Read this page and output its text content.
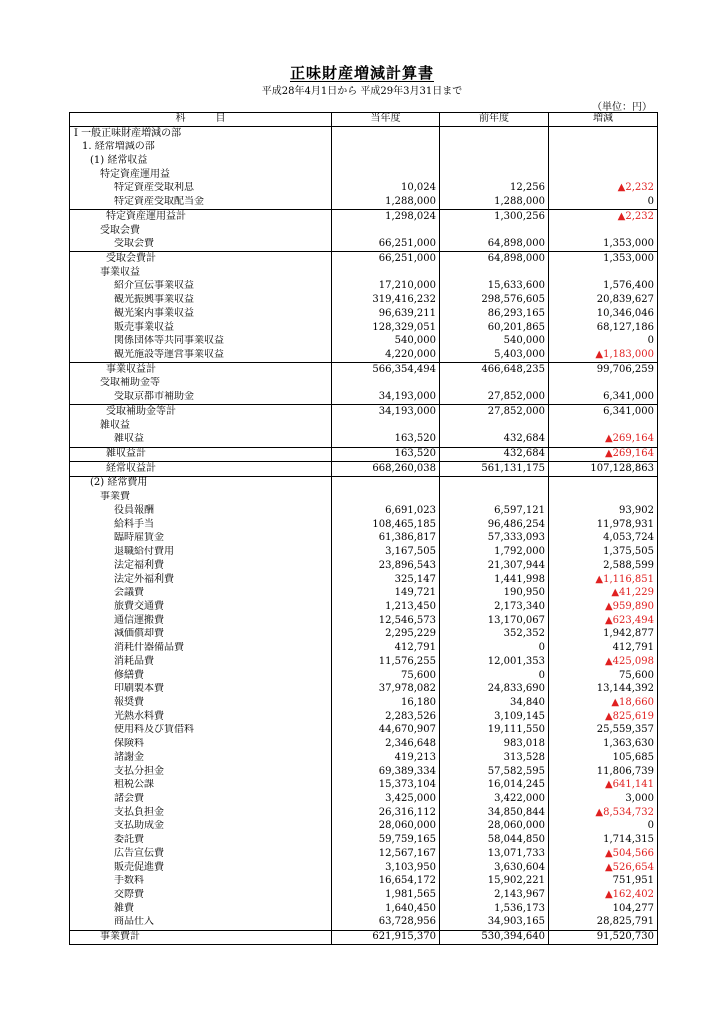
正味財産増減計算書
平成28年4月1日から 平成29年3月31日まで
（単位：円）
科　　　目	当年度	前年度	増減
Ⅰ 一般正味財産増減の部			
1. 経常増減の部			
(1) 経常収益			
特定資産運用益			
特定資産受取利息	10,024	12,256	▲2,232
特定資産受取配当金	1,288,000	1,288,000	0
特定資産運用益計	1,298,024	1,300,256	▲2,232
受取会費			
受取会費	66,251,000	64,898,000	1,353,000
受取会費計	66,251,000	64,898,000	1,353,000
事業収益			
紹介宣伝事業収益	17,210,000	15,633,600	1,576,400
観光振興事業収益	319,416,232	298,576,605	20,839,627
観光案内事業収益	96,639,211	86,293,165	10,346,046
販売事業収益	128,329,051	60,201,865	68,127,186
関係団体等共同事業収益	540,000	540,000	0
観光施設等運営事業収益	4,220,000	5,403,000	▲1,183,000
事業収益計	566,354,494	466,648,235	99,706,259
受取補助金等			
受取京都市補助金	34,193,000	27,852,000	6,341,000
受取補助金等計	34,193,000	27,852,000	6,341,000
雑収益			
雑収益	163,520	432,684	▲269,164
雑収益計	163,520	432,684	▲269,164
経常収益計	668,260,038	561,131,175	107,128,863
(2) 経常費用			
事業費			
役員報酬	6,691,023	6,597,121	93,902
給料手当	108,465,185	96,486,254	11,978,931
臨時雇賃金	61,386,817	57,333,093	4,053,724
退職給付費用	3,167,505	1,792,000	1,375,505
法定福利費	23,896,543	21,307,944	2,588,599
法定外福利費	325,147	1,441,998	▲1,116,851
会議費	149,721	190,950	▲41,229
旅費交通費	1,213,450	2,173,340	▲959,890
通信運搬費	12,546,573	13,170,067	▲623,494
減価償却費	2,295,229	352,352	1,942,877
消耗什器備品費	412,791	0	412,791
消耗品費	11,576,255	12,001,353	▲425,098
修繕費	75,600	0	75,600
印刷製本費	37,978,082	24,833,690	13,144,392
報奨費	16,180	34,840	▲18,660
光熱水料費	2,283,526	3,109,145	▲825,619
使用料及び賃借料	44,670,907	19,111,550	25,559,357
保険料	2,346,648	983,018	1,363,630
諸謝金	419,213	313,528	105,685
支払分担金	69,389,334	57,582,595	11,806,739
租税公課	15,373,104	16,014,245	▲641,141
諸会費	3,425,000	3,422,000	3,000
支払負担金	26,316,112	34,850,844	▲8,534,732
支払助成金	28,060,000	28,060,000	0
委託費	59,759,165	58,044,850	1,714,315
広告宣伝費	12,567,167	13,071,733	▲504,566
販売促進費	3,103,950	3,630,604	▲526,654
手数料	16,654,172	15,902,221	751,951
交際費	1,981,565	2,143,967	▲162,402
雑費	1,640,450	1,536,173	104,277
商品仕入	63,728,956	34,903,165	28,825,791
事業費計	621,915,370	530,394,640	91,520,730
